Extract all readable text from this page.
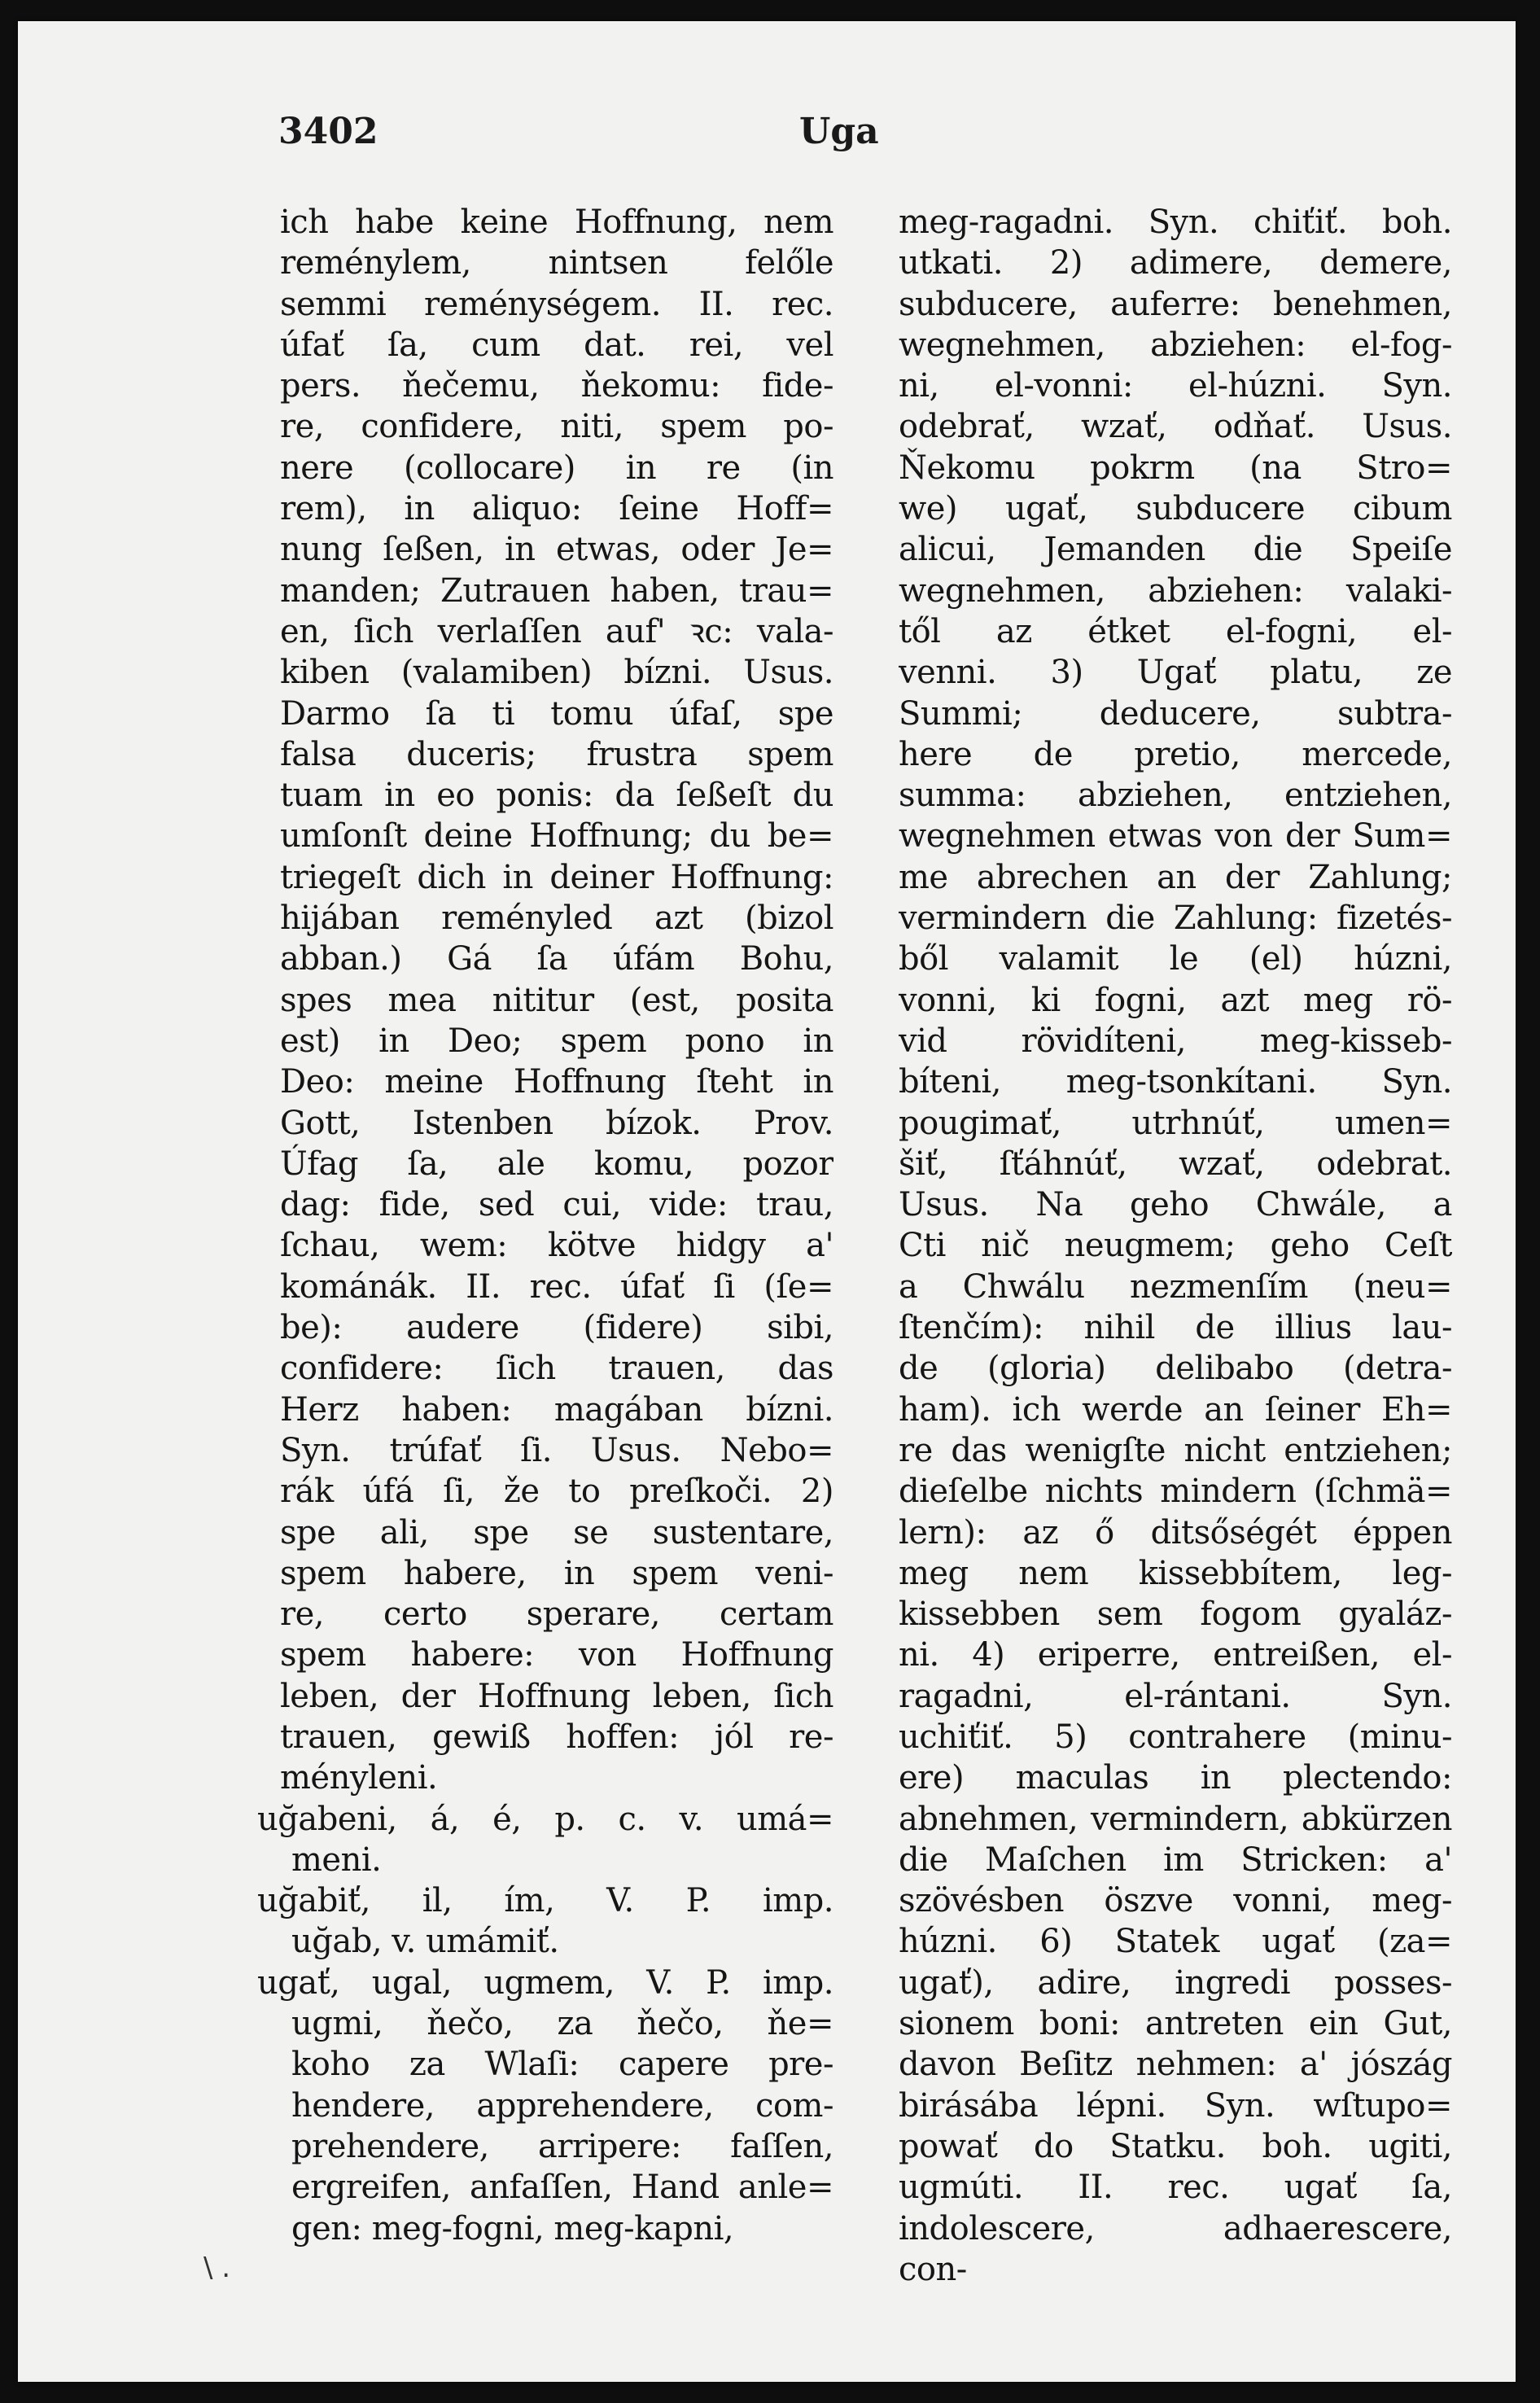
3402	Uga
ich habe keine Hoffnung, nem
reménylem, nintsen felőle
semmi reménységem. II. rec.
úfať ſa, cum dat. rei, vel
pers. ňečemu, ňekomu: fide-
re, confidere, niti, spem po-
nere (collocare) in re (in
rem), in aliquo: ſeine Hoff=
nung ſeßen, in etwas, oder Je=
manden; Zutrauen haben, trau=
en, ſich verlaſſen auf' ꝛc: vala-
kiben (valamiben) bízni. Usus.
Darmo ſa ti tomu úfaſ, spe
falsa duceris; frustra spem
tuam in eo ponis: da ſeßeſt du
umſonſt deine Hoffnung; du be=
triegeſt dich in deiner Hoffnung:
hijában reményled azt (bizol
abban.) Gá ſa úfám Bohu,
spes mea nititur (est, posita
est) in Deo; spem pono in
Deo: meine Hoffnung ſteht in
Gott, Istenben bízok. Prov.
Úfag ſa, ale komu, pozor
dag: fide, sed cui, vide: trau,
ſchau, wem: kötve hidgy a'
kománák. II. rec. úfať ſi (ſe=
be): audere (fidere) sibi,
confidere: ſich trauen, das
Herz haben: magában bízni.
Syn. trúfať ſi. Usus. Nebo=
rák úfá ſi, že to preſkoči. 2)
spe ali, spe se sustentare,
spem habere, in spem veni-
re, certo sperare, certam
spem habere: von Hoffnung
leben, der Hoffnung leben, ſich
trauen, gewiß hoffen: jól re-
ményleni.
uğabeni, á, é, p. c. v. umá=
meni.
uğabiť, il, ím, V. P. imp.
uğab, v. umámiť.
ugať, ugal, ugmem, V. P. imp.
ugmi, ňečo, za ňečo, ňe=
koho za Wlaſi: capere pre-
hendere, apprehendere, com-
prehendere, arripere: faſſen,
ergreifen, anfaſſen, Hand anle=
gen: meg-fogni, meg-kapni,
meg-ragadni. Syn. chiťiť. boh.
utkati. 2) adimere, demere,
subducere, auferre: benehmen,
wegnehmen, abziehen: el-fog-
ni, el-vonni: el-húzni. Syn.
odebrať, wzať, odňať. Usus.
Ňekomu pokrm (na Stro=
we) ugať, subducere cibum
alicui, Jemanden die Speiſe
wegnehmen, abziehen: valaki-
től az étket el-fogni, el-
venni. 3) Ugať platu, ze
Summi; deducere, subtra-
here de pretio, mercede,
summa: abziehen, entziehen,
wegnehmen etwas von der Sum=
me abrechen an der Zahlung;
vermindern die Zahlung: fizetés-
ből valamit le (el) húzni,
vonni, ki fogni, azt meg rö-
vid rövidíteni, meg-kisseb-
bíteni, meg-tsonkítani. Syn.
pougimať, utrhnúť, umen=
šiť, ſťáhnúť, wzať, odebrat.
Usus. Na geho Chwále, a
Cti nič neugmem; geho Ceſt
a Chwálu nezmenſím (neu=
ſtenčím): nihil de illius lau-
de (gloria) delibabo (detra-
ham). ich werde an ſeiner Eh=
re das wenigſte nicht entziehen;
dieſelbe nichts mindern (ſchmä=
lern): az ő ditsőségét éppen
meg nem kissebbítem, leg-
kissebben sem fogom gyaláz-
ni. 4) eriperre, entreißen, el-
ragadni, el-rántani. Syn.
uchiťiť. 5) contrahere (minu-
ere) maculas in plectendo:
abnehmen, vermindern, abkürzen
die Maſchen im Stricken: a'
szövésben öszve vonni, meg-
húzni. 6) Statek ugať (za=
ugať), adire, ingredi posses-
sionem boni: antreten ein Gut,
davon Beſitz nehmen: a' jószág
birásába lépni. Syn. wſtupo=
powať do Statku. boh. ugiti,
ugmúti. II. rec. ugať ſa,
indolescere, adhaerescere,
con-
\ .
